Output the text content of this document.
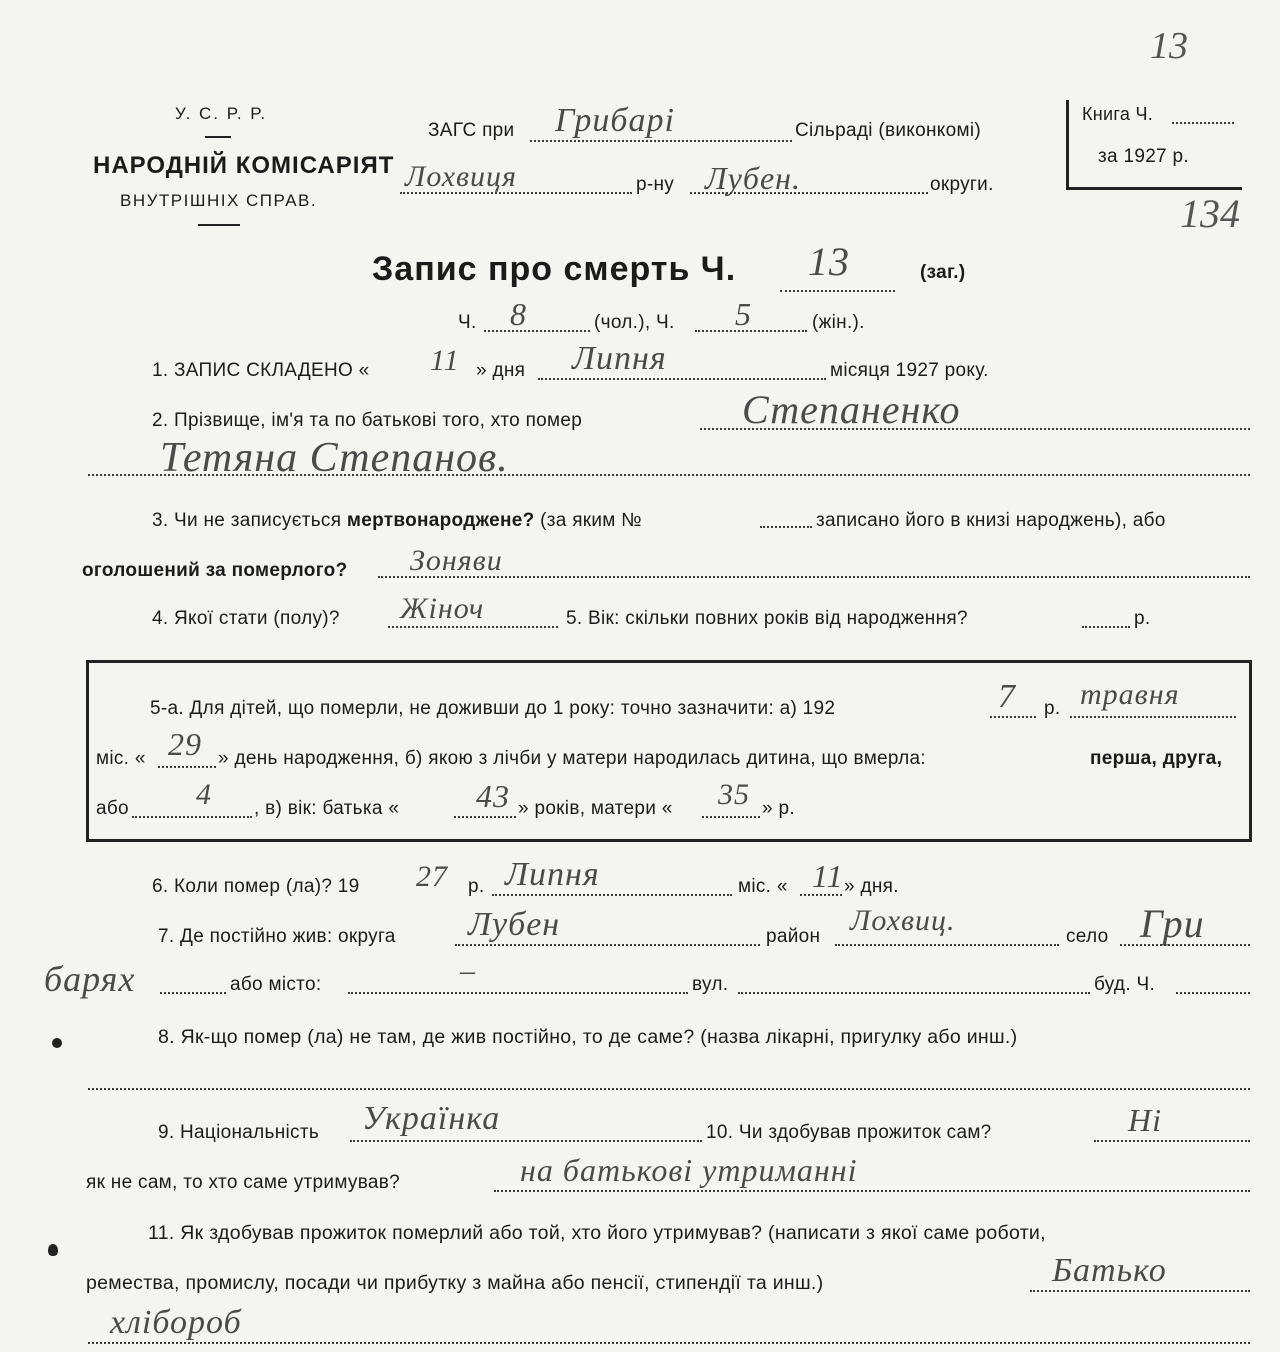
13
134
У. С. Р. Р.
НАРОДНІЙ КОМІСАРІЯТ
ВНУТРІШНІХ СПРАВ.
ЗАГС при Грибарі	Сільраді (виконкомі)
Лохвиця	р-ну Лубен.	округи.
Книга Ч.
за 1927 р.
Запис про смерть Ч. 13	(заг.)
Ч. 8	(чол.), Ч. 5	(жін.).
1. ЗАПИС СКЛАДЕНО « 11 » дня Липня	місяця 1927 року.
2. Прізвище, ім'я та по батькові того, хто помер	Степаненко
Тетяна Степанов.
3. Чи не записується мертвонароджене? (за яким №	записано його в книзі народжень), або
оголошений за померлого? Зоняви
4. Якої стати (полу)? Жіноч	5. Вік: скільки повних років від народження?	р.
5-а. Для дітей, що померли, не доживши до 1 року: точно зазначити: а) 192	7 р. травня
міс. « 29 » день народження, б) якою з лічби у матери народилась дитина, що вмерла:	перша, друга,
або 4 , в) вік: батька « 43 » років, матери « 35 » р.
6. Коли помер (ла)? 19 27 р. Липня	міс. « 11 » дня.
7. Де постійно жив: округа Лубен	район Лохвиц.	село Гри
барях	або місто:	–	вул.	буд. Ч.
8. Як-що помер (ла) не там, де жив постійно, то де саме? (назва лікарні, пригулку або инш.)
9. Національність Українка	10. Чи здобував прожиток сам?	Ні
як не сам, то хто саме утримував?	на батькові утриманні
11. Як здобував прожиток померлий або той, хто його утримував? (написати з якої саме роботи,
ремества, промислу, посади чи прибутку з майна або пенсії, стипендії та инш.)	Батько
хлібороб
